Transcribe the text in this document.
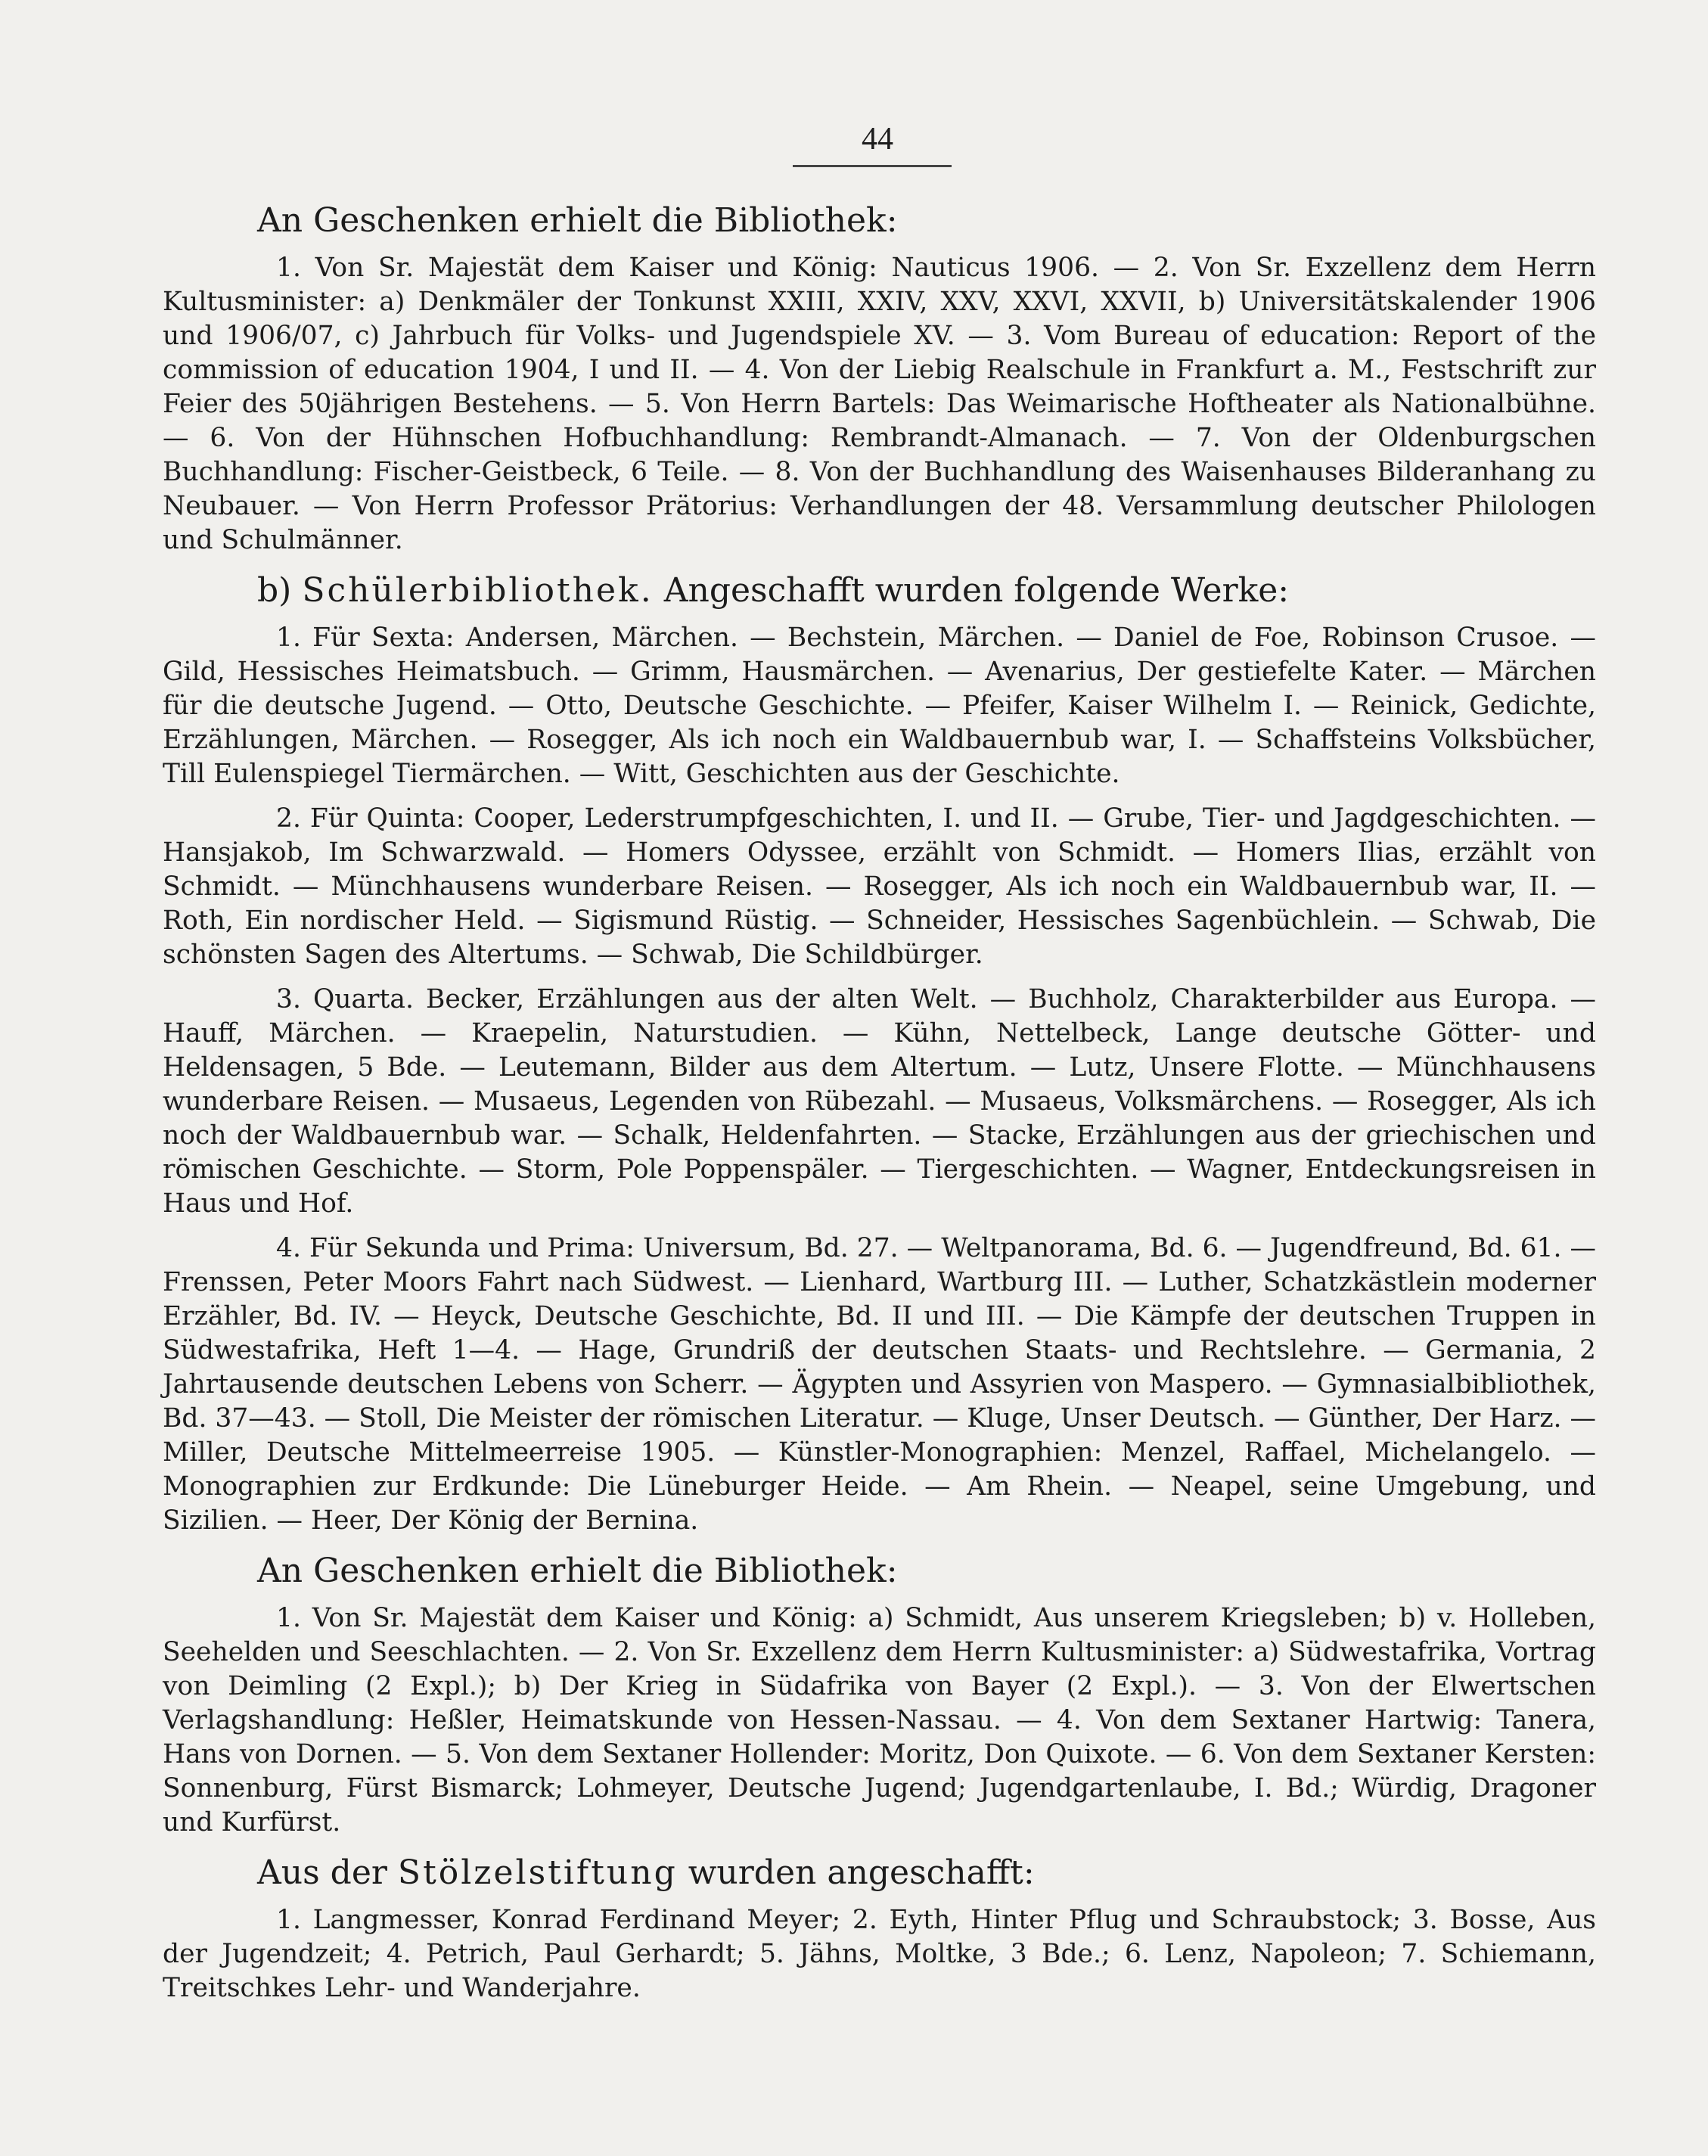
44
An Geschenken erhielt die Bibliothek:

1. Von Sr. Majestät dem Kaiser und König: Nauticus 1906. — 2. Von Sr. Exzellenz dem Herrn Kultusminister: a) Denkmäler der Tonkunst XXIII, XXIV, XXV, XXVI, XXVII, b) Universitätskalender 1906 und 1906/07, c) Jahrbuch für Volks- und Jugendspiele XV. — 3. Vom Bureau of education: Report of the commission of education 1904, I und II. — 4. Von der Liebig Realschule in Frankfurt a. M., Festschrift zur Feier des 50jährigen Bestehens. — 5. Von Herrn Bartels: Das Weimarische Hoftheater als Nationalbühne. — 6. Von der Hühnschen Hofbuchhandlung: Rembrandt-Almanach. — 7. Von der Oldenburgschen Buchhandlung: Fischer-Geistbeck, 6 Teile. — 8. Von der Buchhandlung des Waisenhauses Bilderanhang zu Neubauer. — Von Herrn Professor Prätorius: Verhandlungen der 48. Versammlung deutscher Philologen und Schulmänner.

b) Schülerbibliothek. Angeschafft wurden folgende Werke:

1. Für Sexta: Andersen, Märchen. — Bechstein, Märchen. — Daniel de Foe, Robinson Crusoe. — Gild, Hessisches Heimatsbuch. — Grimm, Hausmärchen. — Avenarius, Der gestiefelte Kater. — Märchen für die deutsche Jugend. — Otto, Deutsche Geschichte. — Pfeifer, Kaiser Wilhelm I. — Reinick, Gedichte, Erzählungen, Märchen. — Rosegger, Als ich noch ein Waldbauernbub war, I. — Schaffsteins Volksbücher, Till Eulenspiegel Tiermärchen. — Witt, Geschichten aus der Geschichte.

2. Für Quinta: Cooper, Lederstrumpfgeschichten, I. und II. — Grube, Tier- und Jagdgeschichten. — Hansjakob, Im Schwarzwald. — Homers Odyssee, erzählt von Schmidt. — Homers Ilias, erzählt von Schmidt. — Münchhausens wunderbare Reisen. — Rosegger, Als ich noch ein Waldbauernbub war, II. — Roth, Ein nordischer Held. — Sigismund Rüstig. — Schneider, Hessisches Sagenbüchlein. — Schwab, Die schönsten Sagen des Altertums. — Schwab, Die Schildbürger.

3. Quarta. Becker, Erzählungen aus der alten Welt. — Buchholz, Charakterbilder aus Europa. — Hauff, Märchen. — Kraepelin, Naturstudien. — Kühn, Nettelbeck, Lange deutsche Götter- und Heldensagen, 5 Bde. — Leutemann, Bilder aus dem Altertum. — Lutz, Unsere Flotte. — Münchhausens wunderbare Reisen. — Musaeus, Legenden von Rübezahl. — Musaeus, Volksmärchens. — Rosegger, Als ich noch der Waldbauernbub war. — Schalk, Heldenfahrten. — Stacke, Erzählungen aus der griechischen und römischen Geschichte. — Storm, Pole Poppenspäler. — Tiergeschichten. — Wagner, Entdeckungsreisen in Haus und Hof.

4. Für Sekunda und Prima: Universum, Bd. 27. — Weltpanorama, Bd. 6. — Jugendfreund, Bd. 61. — Frenssen, Peter Moors Fahrt nach Südwest. — Lienhard, Wartburg III. — Luther, Schatzkästlein moderner Erzähler, Bd. IV. — Heyck, Deutsche Geschichte, Bd. II und III. — Die Kämpfe der deutschen Truppen in Südwestafrika, Heft 1—4. — Hage, Grundriß der deutschen Staats- und Rechtslehre. — Germania, 2 Jahrtausende deutschen Lebens von Scherr. — Ägypten und Assyrien von Maspero. — Gymnasialbibliothek, Bd. 37—43. — Stoll, Die Meister der römischen Literatur. — Kluge, Unser Deutsch. — Günther, Der Harz. — Miller, Deutsche Mittelmeerreise 1905. — Künstler-Monographien: Menzel, Raffael, Michelangelo. — Monographien zur Erdkunde: Die Lüneburger Heide. — Am Rhein. — Neapel, seine Umgebung, und Sizilien. — Heer, Der König der Bernina.

An Geschenken erhielt die Bibliothek:

1. Von Sr. Majestät dem Kaiser und König: a) Schmidt, Aus unserem Kriegsleben; b) v. Holleben, Seehelden und Seeschlachten. — 2. Von Sr. Exzellenz dem Herrn Kultusminister: a) Südwestafrika, Vortrag von Deimling (2 Expl.); b) Der Krieg in Südafrika von Bayer (2 Expl.). — 3. Von der Elwertschen Verlagshandlung: Heßler, Heimatskunde von Hessen-Nassau. — 4. Von dem Sextaner Hartwig: Tanera, Hans von Dornen. — 5. Von dem Sextaner Hollender: Moritz, Don Quixote. — 6. Von dem Sextaner Kersten: Sonnenburg, Fürst Bismarck; Lohmeyer, Deutsche Jugend; Jugendgartenlaube, I. Bd.; Würdig, Dragoner und Kurfürst.

Aus der Stölzelstiftung wurden angeschafft:

1. Langmesser, Konrad Ferdinand Meyer; 2. Eyth, Hinter Pflug und Schraubstock; 3. Bosse, Aus der Jugendzeit; 4. Petrich, Paul Gerhardt; 5. Jähns, Moltke, 3 Bde.; 6. Lenz, Napoleon; 7. Schiemann, Treitschkes Lehr- und Wanderjahre.
